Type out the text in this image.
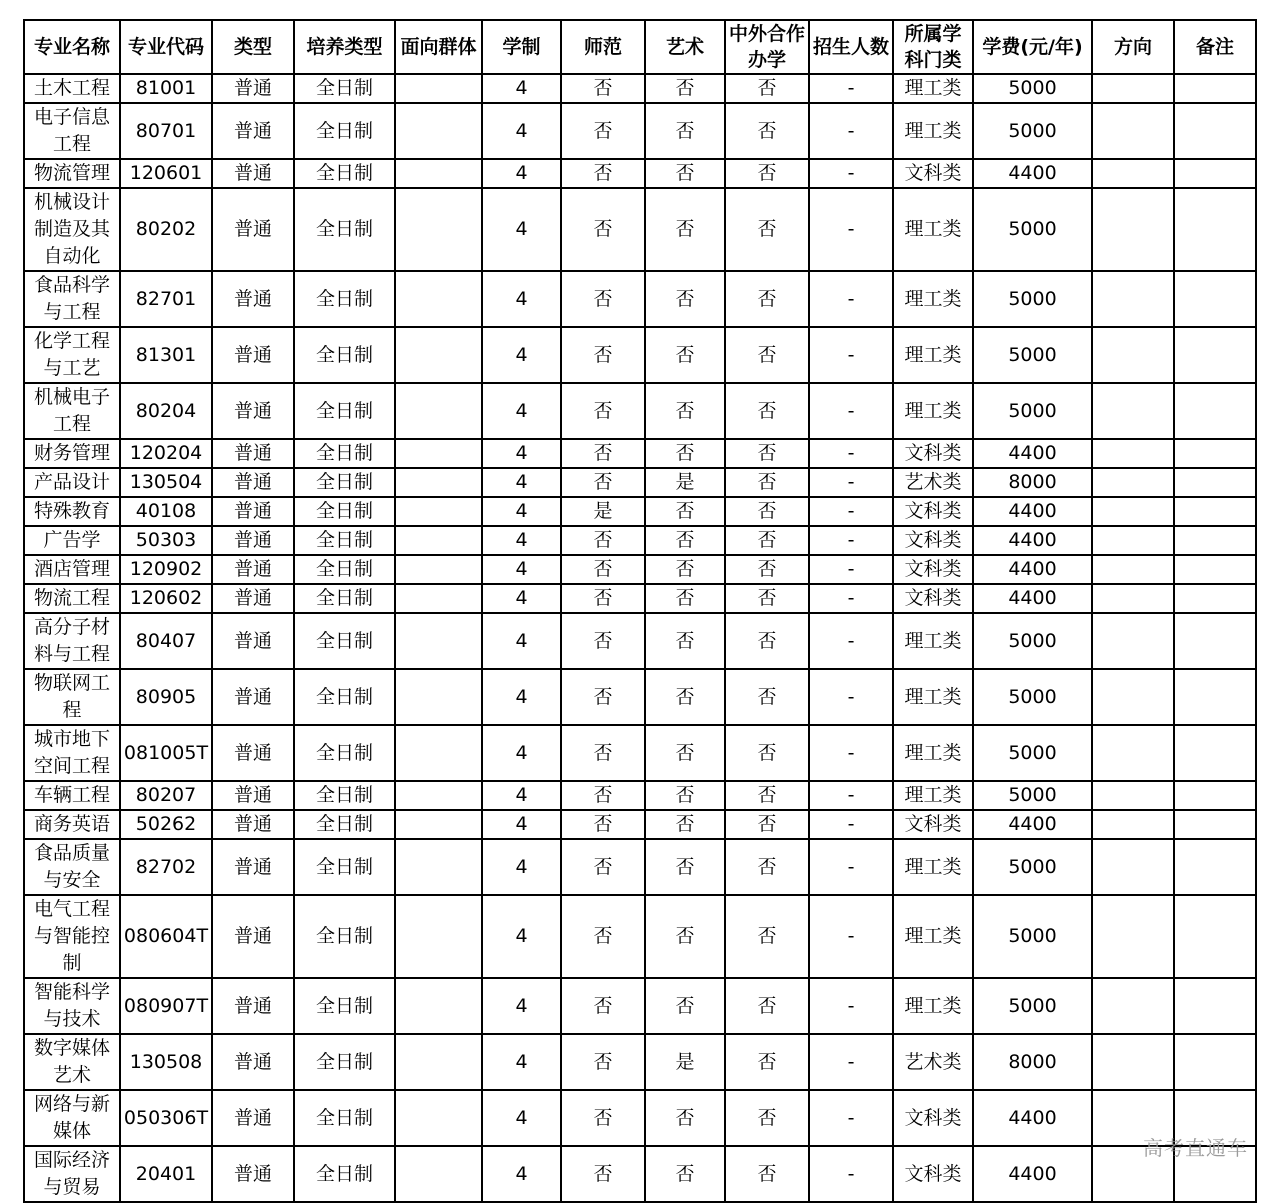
专业名称	专业代码	类型	培养类型	面向群体	学制	师范	艺术	中外合作办学	招生人数	所属学科门类	学费(元/年)	方向	备注
土木工程	81001	普通	全日制		4	否	否	否	-	理工类	5000		
电子信息工程	80701	普通	全日制		4	否	否	否	-	理工类	5000		
物流管理	120601	普通	全日制		4	否	否	否	-	文科类	4400		
机械设计制造及其自动化	80202	普通	全日制		4	否	否	否	-	理工类	5000		
食品科学与工程	82701	普通	全日制		4	否	否	否	-	理工类	5000		
化学工程与工艺	81301	普通	全日制		4	否	否	否	-	理工类	5000		
机械电子工程	80204	普通	全日制		4	否	否	否	-	理工类	5000		
财务管理	120204	普通	全日制		4	否	否	否	-	文科类	4400		
产品设计	130504	普通	全日制		4	否	是	否	-	艺术类	8000		
特殊教育	40108	普通	全日制		4	是	否	否	-	文科类	4400		
广告学	50303	普通	全日制		4	否	否	否	-	文科类	4400		
酒店管理	120902	普通	全日制		4	否	否	否	-	文科类	4400		
物流工程	120602	普通	全日制		4	否	否	否	-	文科类	4400		
高分子材料与工程	80407	普通	全日制		4	否	否	否	-	理工类	5000		
物联网工程	80905	普通	全日制		4	否	否	否	-	理工类	5000		
城市地下空间工程	081005T	普通	全日制		4	否	否	否	-	理工类	5000		
车辆工程	80207	普通	全日制		4	否	否	否	-	理工类	5000		
商务英语	50262	普通	全日制		4	否	否	否	-	文科类	4400		
食品质量与安全	82702	普通	全日制		4	否	否	否	-	理工类	5000		
电气工程与智能控制	080604T	普通	全日制		4	否	否	否	-	理工类	5000		
智能科学与技术	080907T	普通	全日制		4	否	否	否	-	理工类	5000		
数字媒体艺术	130508	普通	全日制		4	否	是	否	-	艺术类	8000		
网络与新媒体	050306T	普通	全日制		4	否	否	否	-	文科类	4400		
国际经济与贸易	20401	普通	全日制		4	否	否	否	-	文科类	4400		
高考直通车
